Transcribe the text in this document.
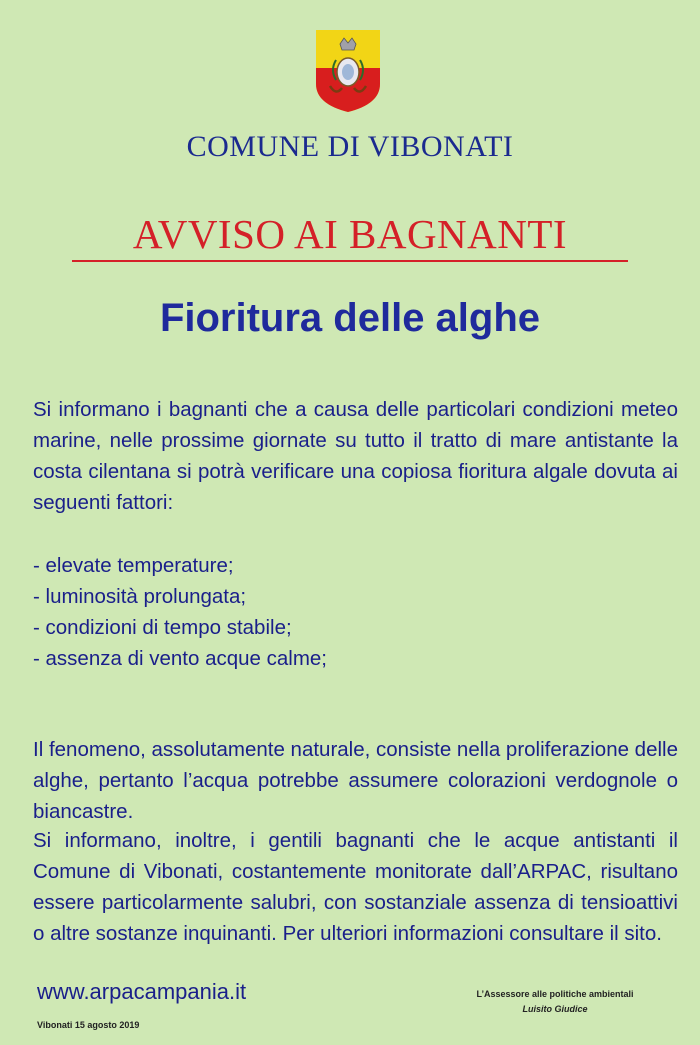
COMUNE DI VIBONATI
AVVISO AI BAGNANTI
Fioritura delle alghe

Si informano i bagnanti che a causa delle particolari condizioni meteo marine, nelle prossime giornate su tutto il tratto di mare antistante la costa cilentana si potrà verificare una copiosa fioritura algale dovuta ai seguenti fattori:

- elevate temperature;
- luminosità prolungata;
- condizioni di tempo stabile;
- assenza di vento acque calme;

Il fenomeno, assolutamente naturale, consiste nella proliferazione delle alghe, pertanto l’acqua potrebbe assumere colorazioni verdognole o biancastre.

Si informano, inoltre, i gentili bagnanti che le acque antistanti il Comune di Vibonati, costantemente monitorate dall’ARPAC, risultano essere particolarmente salubri, con sostanziale assenza di tensioattivi o altre sostanze inquinanti. Per ulteriori informazioni consultare il sito.

www.arpacampania.it	L’Assessore alle politiche ambientali
Luisito Giudice
Vibonati 15 agosto 2019
